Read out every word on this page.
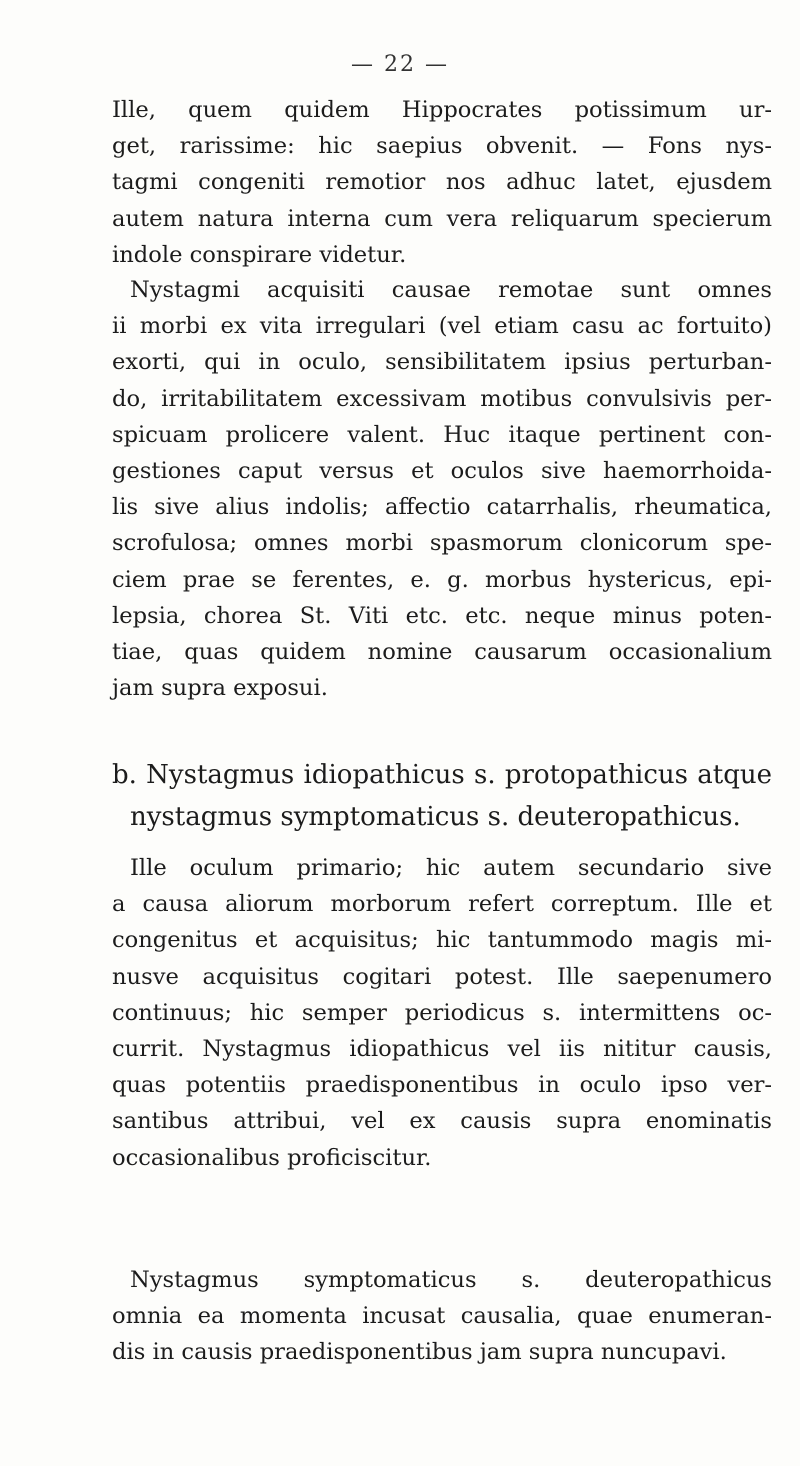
— 22 —
Ille, quem quidem Hippocrates potissimum ur-
get, rarissime: hic saepius obvenit. — Fons nys-
tagmi congeniti remotior nos adhuc latet, ejusdem
autem natura interna cum vera reliquarum specierum
indole conspirare videtur.
Nystagmi acquisiti causae remotae sunt omnes
ii morbi ex vita irregulari (vel etiam casu ac fortuito)
exorti, qui in oculo, sensibilitatem ipsius perturban-
do, irritabilitatem excessivam motibus convulsivis per-
spicuam prolicere valent. Huc itaque pertinent con-
gestiones caput versus et oculos sive haemorrhoida-
lis sive alius indolis; affectio catarrhalis, rheumatica,
scrofulosa; omnes morbi spasmorum clonicorum spe-
ciem prae se ferentes, e. g. morbus hystericus, epi-
lepsia, chorea St. Viti etc. etc. neque minus poten-
tiae, quas quidem nomine causarum occasionalium
jam supra exposui.
b. Nystagmus idiopathicus s. protopathicus atque
nystagmus symptomaticus s. deuteropathicus.
Ille oculum primario; hic autem secundario sive
a causa aliorum morborum refert correptum. Ille et
congenitus et acquisitus; hic tantummodo magis mi-
nusve acquisitus cogitari potest. Ille saepenumero
continuus; hic semper periodicus s. intermittens oc-
currit. Nystagmus idiopathicus vel iis nititur causis,
quas potentiis praedisponentibus in oculo ipso ver-
santibus attribui, vel ex causis supra enominatis
occasionalibus proficiscitur.
Nystagmus symptomaticus s. deuteropathicus
omnia ea momenta incusat causalia, quae enumeran-
dis in causis praedisponentibus jam supra nuncupavi.
